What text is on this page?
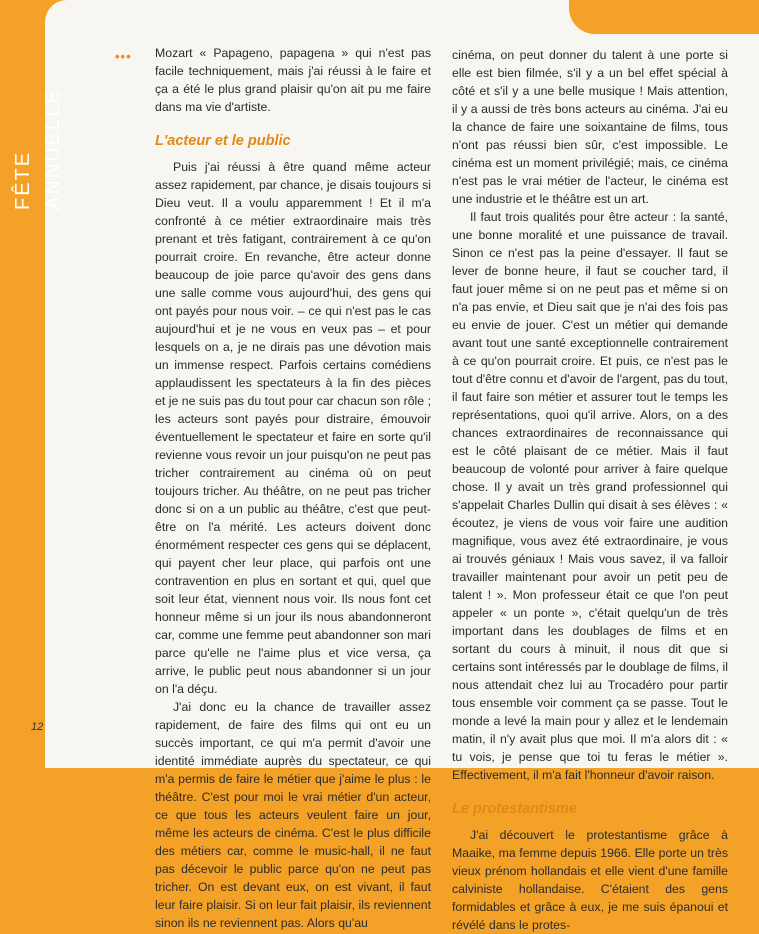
FÊTE ANNUELLE
12
••• Mozart « Papageno, papagena » qui n'est pas facile techniquement, mais j'ai réussi à le faire et ça a été le plus grand plaisir qu'on ait pu me faire dans ma vie d'artiste.

L'acteur et le public

Puis j'ai réussi à être quand même acteur assez rapidement, par chance, je disais toujours si Dieu veut. Il a voulu apparemment ! Et il m'a confronté à ce métier extraordinaire mais très prenant et très fatigant, contrairement à ce qu'on pourrait croire. En revanche, être acteur donne beaucoup de joie parce qu'avoir des gens dans une salle comme vous aujourd'hui, des gens qui ont payés pour nous voir. – ce qui n'est pas le cas aujourd'hui et je ne vous en veux pas – et pour lesquels on a, je ne dirais pas une dévotion mais un immense respect. Parfois certains comédiens applaudissent les spectateurs à la fin des pièces et je ne suis pas du tout pour car chacun son rôle ; les acteurs sont payés pour distraire, émouvoir éventuellement le spectateur et faire en sorte qu'il revienne vous revoir un jour puisqu'on ne peut pas tricher contrairement au cinéma où on peut toujours tricher. Au théâtre, on ne peut pas tricher donc si on a un public au théâtre, c'est que peut-être on l'a mérité. Les acteurs doivent donc énormément respecter ces gens qui se déplacent, qui payent cher leur place, qui parfois ont une contravention en plus en sortant et qui, quel que soit leur état, viennent nous voir. Ils nous font cet honneur même si un jour ils nous abandonneront car, comme une femme peut abandonner son mari parce qu'elle ne l'aime plus et vice versa, ça arrive, le public peut nous abandonner si un jour on l'a déçu.

J'ai donc eu la chance de travailler assez rapidement, de faire des films qui ont eu un succès important, ce qui m'a permit d'avoir une identité immédiate auprès du spectateur, ce qui m'a permis de faire le métier que j'aime le plus : le théâtre. C'est pour moi le vrai métier d'un acteur, ce que tous les acteurs veulent faire un jour, même les acteurs de cinéma. C'est le plus difficile des métiers car, comme le music-hall, il ne faut pas décevoir le public parce qu'on ne peut pas tricher. On est devant eux, on est vivant, il faut leur faire plaisir. Si on leur fait plaisir, ils reviennent sinon ils ne reviennent pas. Alors qu'au

cinéma, on peut donner du talent à une porte si elle est bien filmée, s'il y a un bel effet spécial à côté et s'il y a une belle musique ! Mais attention, il y a aussi de très bons acteurs au cinéma. J'ai eu la chance de faire une soixantaine de films, tous n'ont pas réussi bien sûr, c'est impossible. Le cinéma est un moment privilégié; mais, ce cinéma n'est pas le vrai métier de l'acteur, le cinéma est une industrie et le théâtre est un art.

Il faut trois qualités pour être acteur : la santé, une bonne moralité et une puissance de travail. Sinon ce n'est pas la peine d'essayer. Il faut se lever de bonne heure, il faut se coucher tard, il faut jouer même si on ne peut pas et même si on n'a pas envie, et Dieu sait que je n'ai des fois pas eu envie de jouer. C'est un métier qui demande avant tout une santé exceptionnelle contrairement à ce qu'on pourrait croire. Et puis, ce n'est pas le tout d'être connu et d'avoir de l'argent, pas du tout, il faut faire son métier et assurer tout le temps les représentations, quoi qu'il arrive. Alors, on a des chances extraordinaires de reconnaissance qui est le côté plaisant de ce métier. Mais il faut beaucoup de volonté pour arriver à faire quelque chose. Il y avait un très grand professionnel qui s'appelait Charles Dullin qui disait à ses élèves : « écoutez, je viens de vous voir faire une audition magnifique, vous avez été extraordinaire, je vous ai trouvés géniaux ! Mais vous savez, il va falloir travailler maintenant pour avoir un petit peu de talent ! ». Mon professeur était ce que l'on peut appeler « un ponte », c'était quelqu'un de très important dans les doublages de films et en sortant du cours à minuit, il nous dit que si certains sont intéressés par le doublage de films, il nous attendait chez lui au Trocadéro pour partir tous ensemble voir comment ça se passe. Tout le monde a levé la main pour y allez et le lendemain matin, il n'y avait plus que moi. Il m'a alors dit : « tu vois, je pense que toi tu feras le métier ». Effectivement, il m'a fait l'honneur d'avoir raison.

Le protestantisme

J'ai découvert le protestantisme grâce à Maaike, ma femme depuis 1966. Elle porte un très vieux prénom hollandais et elle vient d'une famille calviniste hollandaise. C'étaient des gens formidables et grâce à eux, je me suis épanoui et révélé dans le protes-
